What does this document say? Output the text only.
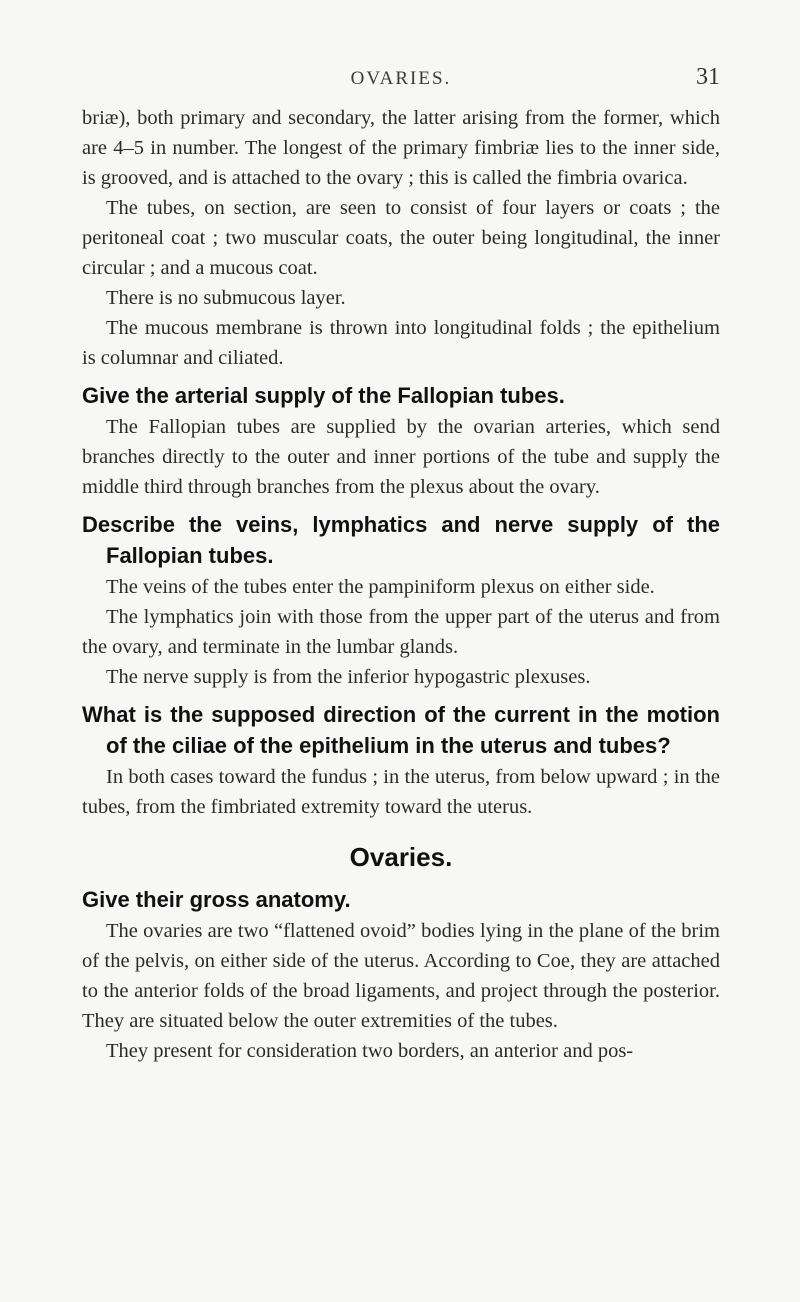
OVARIES.	31

briæ), both primary and secondary, the latter arising from the former, which are 4–5 in number. The longest of the primary fimbriæ lies to the inner side, is grooved, and is attached to the ovary ; this is called the fimbria ovarica.

The tubes, on section, are seen to consist of four layers or coats ; the peritoneal coat ; two muscular coats, the outer being longitudinal, the inner circular ; and a mucous coat.

There is no submucous layer.

The mucous membrane is thrown into longitudinal folds ; the epithelium is columnar and ciliated.

Give the arterial supply of the Fallopian tubes.

The Fallopian tubes are supplied by the ovarian arteries, which send branches directly to the outer and inner portions of the tube and supply the middle third through branches from the plexus about the ovary.

Describe the veins, lymphatics and nerve supply of the Fallopian tubes.

The veins of the tubes enter the pampiniform plexus on either side.

The lymphatics join with those from the upper part of the uterus and from the ovary, and terminate in the lumbar glands.

The nerve supply is from the inferior hypogastric plexuses.

What is the supposed direction of the current in the motion of the ciliae of the epithelium in the uterus and tubes?

In both cases toward the fundus ; in the uterus, from below upward ; in the tubes, from the fimbriated extremity toward the uterus.

Ovaries.
Give their gross anatomy.

The ovaries are two “flattened ovoid” bodies lying in the plane of the brim of the pelvis, on either side of the uterus. According to Coe, they are attached to the anterior folds of the broad ligaments, and project through the posterior. They are situated below the outer extremities of the tubes.

They present for consideration two borders, an anterior and pos-
